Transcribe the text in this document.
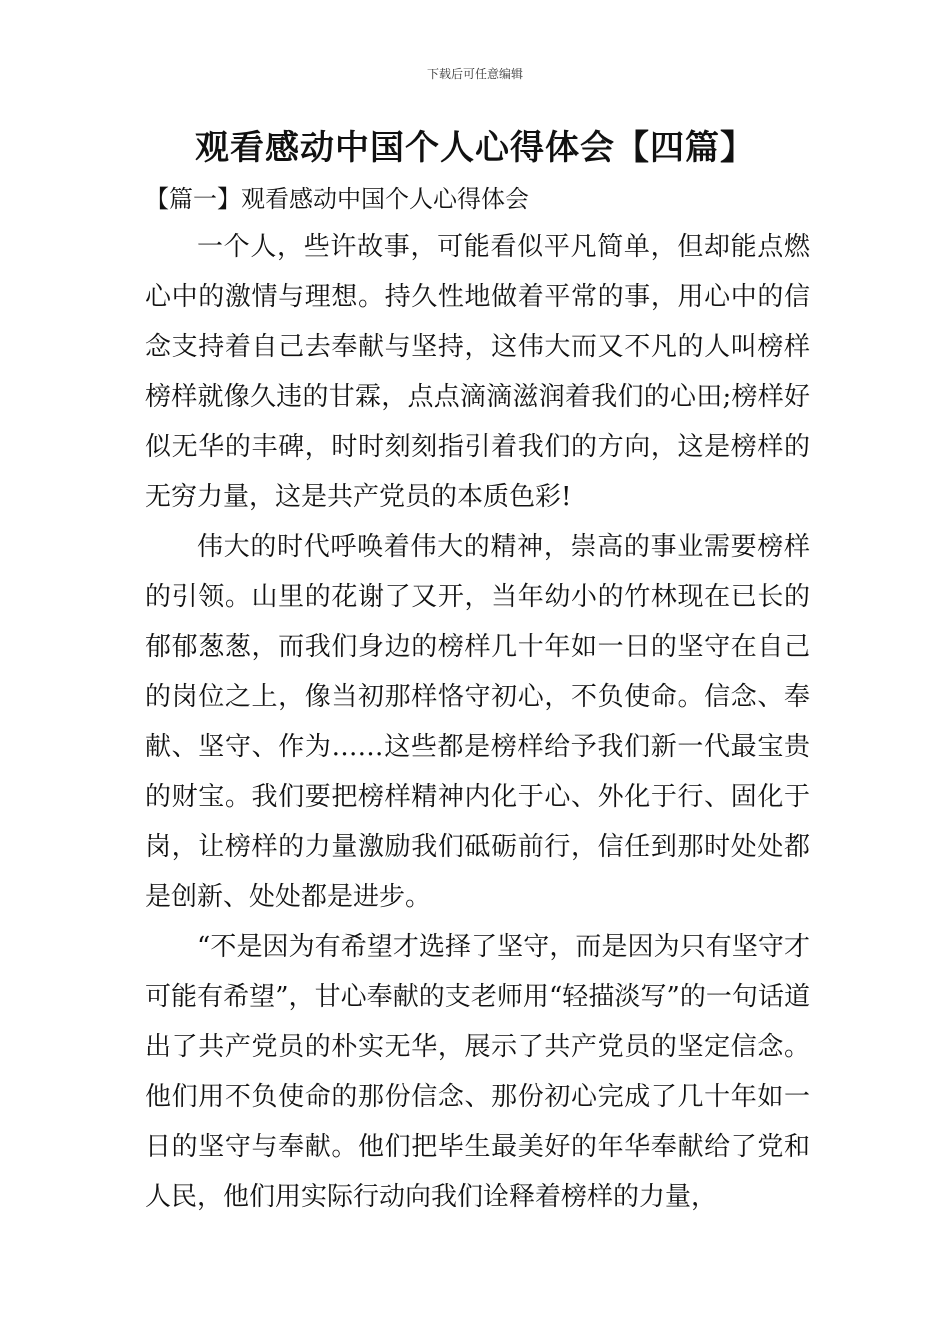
下载后可任意编辑
观看感动中国个人心得体会【四篇】
【篇一】观看感动中国个人心得体会

一个人，些许故事，可能看似平凡简单，但却能点燃心中的激情与理想。持久性地做着平常的事，用心中的信念支持着自己去奉献与坚持，这伟大而又不凡的人叫榜样榜样就像久违的甘霖，点点滴滴滋润着我们的心田;榜样好似无华的丰碑，时时刻刻指引着我们的方向，这是榜样的无穷力量，这是共产党员的本质色彩!

伟大的时代呼唤着伟大的精神，崇高的事业需要榜样的引领。山里的花谢了又开，当年幼小的竹林现在已长的郁郁葱葱，而我们身边的榜样几十年如一日的坚守在自己的岗位之上，像当初那样恪守初心，不负使命。信念、奉献、坚守、作为……这些都是榜样给予我们新一代最宝贵的财宝。我们要把榜样精神内化于心、外化于行、固化于岗，让榜样的力量激励我们砥砺前行，信任到那时处处都是创新、处处都是进步。

“不是因为有希望才选择了坚守，而是因为只有坚守才可能有希望”，甘心奉献的支老师用“轻描淡写”的一句话道出了共产党员的朴实无华，展示了共产党员的坚定信念。他们用不负使命的那份信念、那份初心完成了几十年如一日的坚守与奉献。他们把毕生最美好的年华奉献给了党和人民，他们用实际行动向我们诠释着榜样的力量，
